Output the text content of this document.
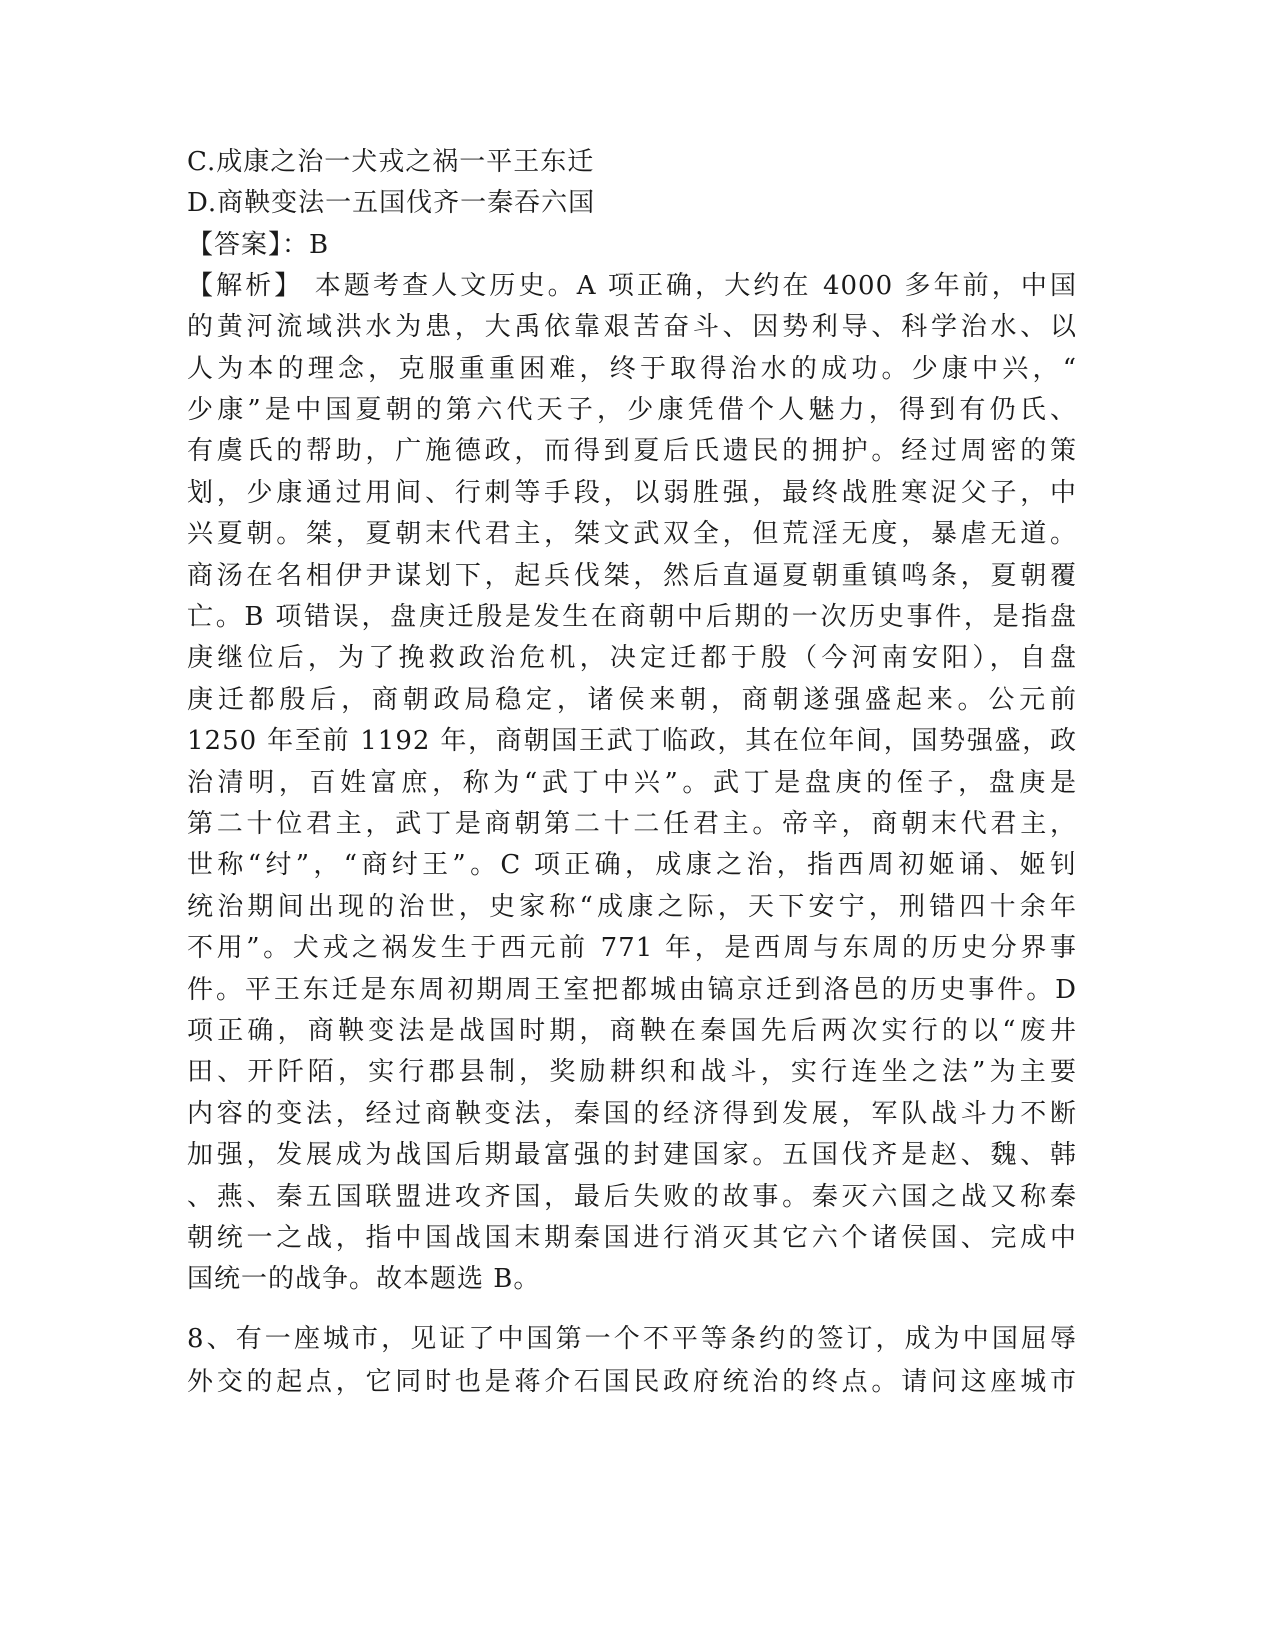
C.成康之治一犬戎之祸一平王东迁
D.商鞅变法一五国伐齐一秦吞六国
【答案】：B
【解析】 本题考查人文历史。A 项正确，大约在 4000 多年前，中国
的黄河流域洪水为患，大禹依靠艰苦奋斗、因势利导、科学治水、以
人为本的理念，克服重重困难，终于取得治水的成功。少康中兴，“
少康”是中国夏朝的第六代天子，少康凭借个人魅力，得到有仍氏、
有虞氏的帮助，广施德政，而得到夏后氏遗民的拥护。经过周密的策
划，少康通过用间、行刺等手段，以弱胜强，最终战胜寒浞父子，中
兴夏朝。桀，夏朝末代君主，桀文武双全，但荒淫无度，暴虐无道。
商汤在名相伊尹谋划下，起兵伐桀，然后直逼夏朝重镇鸣条，夏朝覆
亡。B 项错误，盘庚迁殷是发生在商朝中后期的一次历史事件，是指盘
庚继位后，为了挽救政治危机，决定迁都于殷（今河南安阳），自盘
庚迁都殷后，商朝政局稳定，诸侯来朝，商朝遂强盛起来。公元前
1250 年至前 1192 年，商朝国王武丁临政，其在位年间，国势强盛，政
治清明，百姓富庶，称为“武丁中兴”。武丁是盘庚的侄子，盘庚是
第二十位君主，武丁是商朝第二十二任君主。帝辛，商朝末代君主，
世称“纣”，“商纣王”。C 项正确，成康之治，指西周初姬诵、姬钊
统治期间出现的治世，史家称“成康之际，天下安宁，刑错四十余年
不用”。犬戎之祸发生于西元前 771 年，是西周与东周的历史分界事
件。平王东迁是东周初期周王室把都城由镐京迁到洛邑的历史事件。D
项正确，商鞅变法是战国时期，商鞅在秦国先后两次实行的以“废井
田、开阡陌，实行郡县制，奖励耕织和战斗，实行连坐之法”为主要
内容的变法，经过商鞅变法，秦国的经济得到发展，军队战斗力不断
加强，发展成为战国后期最富强的封建国家。五国伐齐是赵、魏、韩
、燕、秦五国联盟进攻齐国，最后失败的故事。秦灭六国之战又称秦
朝统一之战，指中国战国末期秦国进行消灭其它六个诸侯国、完成中
国统一的战争。故本题选 B。
8、有一座城市，见证了中国第一个不平等条约的签订，成为中国屈辱
外交的起点，它同时也是蒋介石国民政府统治的终点。请问这座城市
